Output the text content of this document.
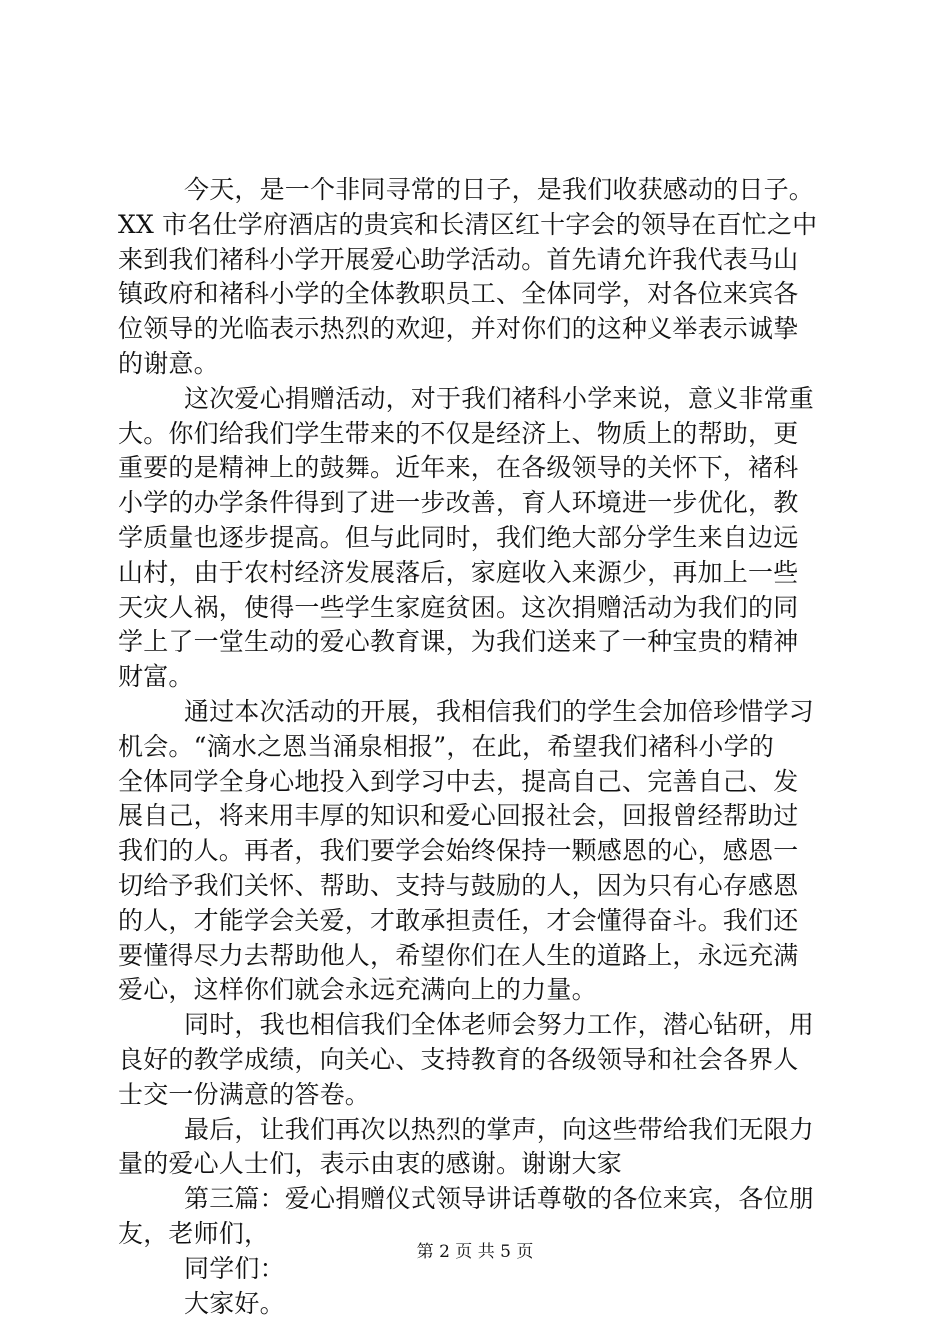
今天，是一个非同寻常的日子，是我们收获感动的日子。
XX 市名仕学府酒店的贵宾和长清区红十字会的领导在百忙之中
来到我们褚科小学开展爱心助学活动。首先请允许我代表马山
镇政府和褚科小学的全体教职员工、全体同学，对各位来宾各
位领导的光临表示热烈的欢迎，并对你们的这种义举表示诚挚
的谢意。
这次爱心捐赠活动，对于我们褚科小学来说，意义非常重
大。你们给我们学生带来的不仅是经济上、物质上的帮助，更
重要的是精神上的鼓舞。近年来，在各级领导的关怀下，褚科
小学的办学条件得到了进一步改善，育人环境进一步优化，教
学质量也逐步提高。但与此同时，我们绝大部分学生来自边远
山村，由于农村经济发展落后，家庭收入来源少，再加上一些
天灾人祸，使得一些学生家庭贫困。这次捐赠活动为我们的同
学上了一堂生动的爱心教育课，为我们送来了一种宝贵的精神
财富。
通过本次活动的开展，我相信我们的学生会加倍珍惜学习
机会。“滴水之恩当涌泉相报”，在此，希望我们褚科小学的
全体同学全身心地投入到学习中去，提高自己、完善自己、发
展自己，将来用丰厚的知识和爱心回报社会，回报曾经帮助过
我们的人。再者，我们要学会始终保持一颗感恩的心，感恩一
切给予我们关怀、帮助、支持与鼓励的人，因为只有心存感恩
的人，才能学会关爱，才敢承担责任，才会懂得奋斗。我们还
要懂得尽力去帮助他人，希望你们在人生的道路上，永远充满
爱心，这样你们就会永远充满向上的力量。
同时，我也相信我们全体老师会努力工作，潜心钻研，用
良好的教学成绩，向关心、支持教育的各级领导和社会各界人
士交一份满意的答卷。
最后，让我们再次以热烈的掌声，向这些带给我们无限力
量的爱心人士们，表示由衷的感谢。谢谢大家
第三篇：爱心捐赠仪式领导讲话尊敬的各位来宾，各位朋
友，老师们，
同学们：
大家好。
第 2 页 共 5 页
